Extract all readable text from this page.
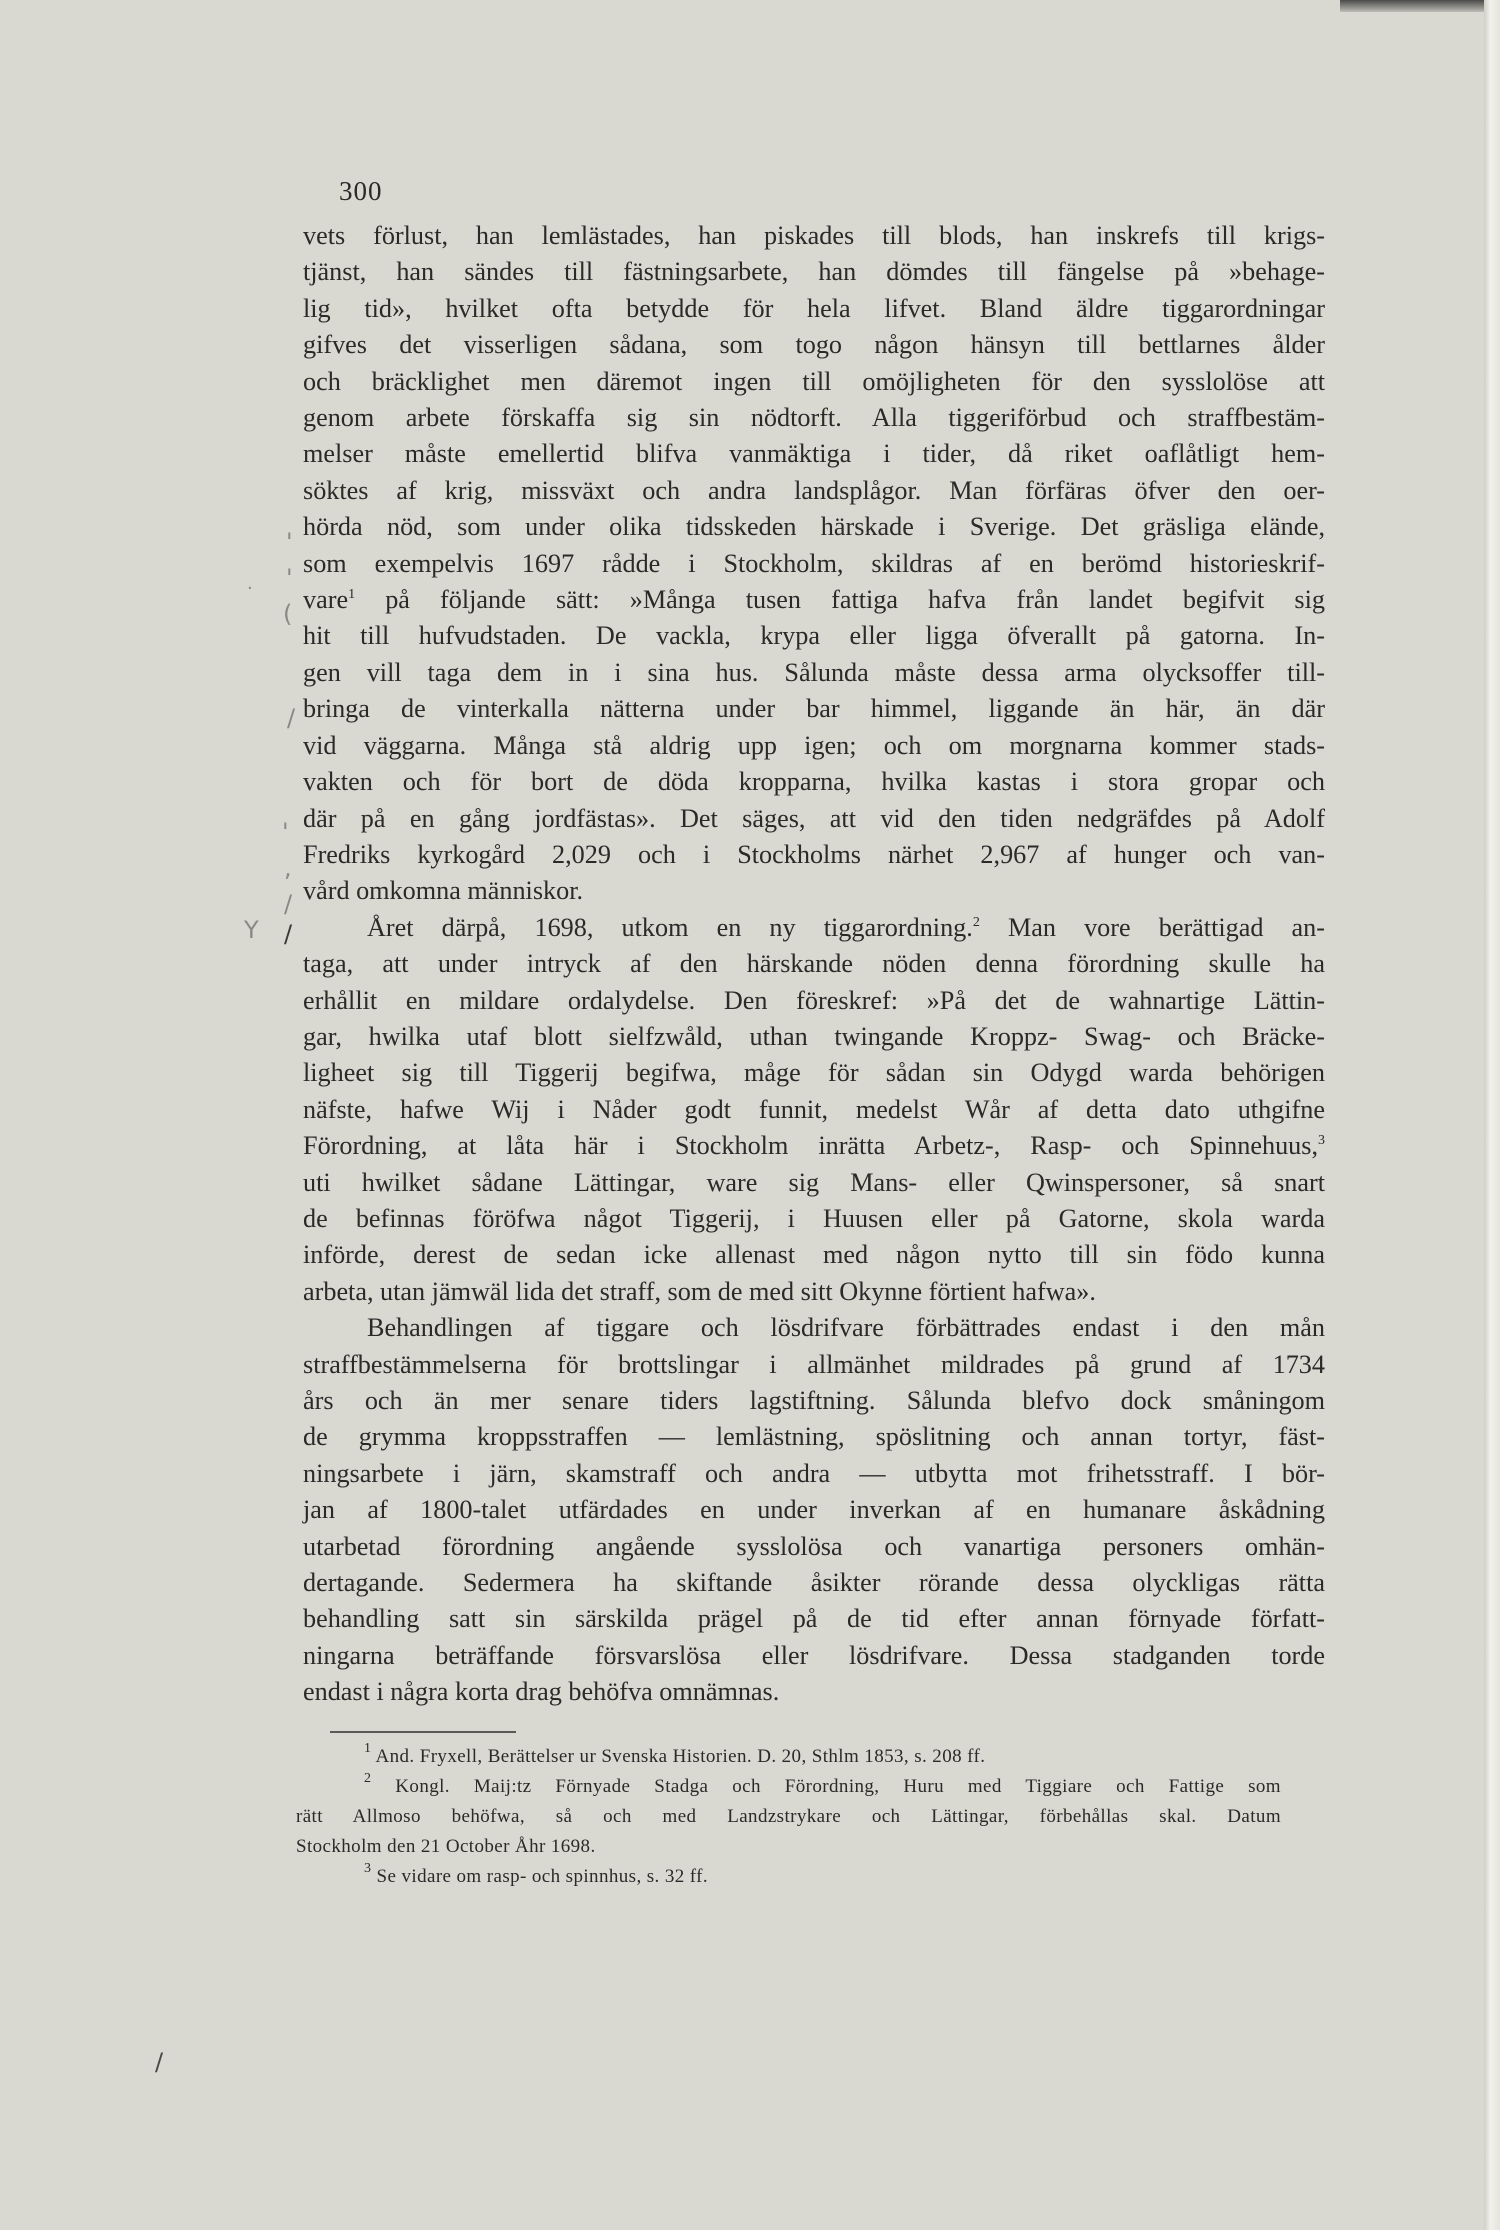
300
vets förlust, han lemlästades, han piskades till blods, han inskrefs till krigs-
tjänst, han sändes till fästningsarbete, han dömdes till fängelse på »behage-
lig tid», hvilket ofta betydde för hela lifvet. Bland äldre tiggarordningar
gifves det visserligen sådana, som togo någon hänsyn till bettlarnes ålder
och bräcklighet men däremot ingen till omöjligheten för den sysslolöse att
genom arbete förskaffa sig sin nödtorft. Alla tiggeriförbud och straffbestäm-
melser måste emellertid blifva vanmäktiga i tider, då riket oaflåtligt hem-
söktes af krig, missväxt och andra landsplågor. Man förfäras öfver den oer-
hörda nöd, som under olika tidsskeden härskade i Sverige. Det gräsliga elände,
som exempelvis 1697 rådde i Stockholm, skildras af en berömd historieskrif-
vare$^1$ på följande sätt: »Många tusen fattiga hafva från landet begifvit sig
hit till hufvudstaden. De vackla, krypa eller ligga öfverallt på gatorna. In-
gen vill taga dem in i sina hus. Sålunda måste dessa arma olycksoffer till-
bringa de vinterkalla nätterna under bar himmel, liggande än här, än där
vid väggarna. Många stå aldrig upp igen; och om morgnarna kommer stads-
vakten och för bort de döda kropparna, hvilka kastas i stora gropar och
där på en gång jordfästas». Det säges, att vid den tiden nedgräfdes på Adolf
Fredriks kyrkogård 2,029 och i Stockholms närhet 2,967 af hunger och van-
vård omkomna människor.
Året därpå, 1698, utkom en ny tiggarordning.$^2$ Man vore berättigad an-
taga, att under intryck af den härskande nöden denna förordning skulle ha
erhållit en mildare ordalydelse. Den föreskref: »På det de wahnartige Lättin-
gar, hwilka utaf blott sielfzwåld, uthan twingande Kroppz- Swag- och Bräcke-
ligheet sig till Tiggerij begifwa, måge för sådan sin Odygd warda behörigen
näfste, hafwe Wij i Nåder godt funnit, medelst Wår af detta dato uthgifne
Förordning, at låta här i Stockholm inrätta Arbetz-, Rasp- och Spinnehuus,$^3$
uti hwilket sådane Lättingar, ware sig Mans- eller Qwinspersoner, så snart
de befinnas föröfwa något Tiggerij, i Huusen eller på Gatorne, skola warda
införde, derest de sedan icke allenast med någon nytto till sin födo kunna
arbeta, utan jämwäl lida det straff, som de med sitt Okynne förtient hafwa».
Behandlingen af tiggare och lösdrifvare förbättrades endast i den mån
straffbestämmelserna för brottslingar i allmänhet mildrades på grund af 1734
års och än mer senare tiders lagstiftning. Sålunda blefvo dock småningom
de grymma kroppsstraffen — lemlästning, spöslitning och annan tortyr, fäst-
ningsarbete i järn, skamstraff och andra — utbytta mot frihetsstraff. I bör-
jan af 1800-talet utfärdades en under inverkan af en humanare åskådning
utarbetad förordning angående sysslolösa och vanartiga personers omhän-
dertagande. Sedermera ha skiftande åsikter rörande dessa olyckligas rätta
behandling satt sin särskilda prägel på de tid efter annan förnyade författ-
ningarna beträffande försvarslösa eller lösdrifvare. Dessa stadganden torde
endast i några korta drag behöfva omnämnas.
$^1$ And. Fryxell, Berättelser ur Svenska Historien. D. 20, Sthlm 1853, s. 208 ff.
$^2$ Kongl. Maij:tz Förnyade Stadga och Förordning, Huru med Tiggiare och Fattige som
rätt Allmoso behöfwa, så och med Landzstrykare och Lättingar, förbehållas skal. Datum
Stockholm den 21 October Åhr 1698.
$^3$ Se vidare om rasp- och spinnhus, s. 32 ff.
'
'
.
(
/
'
,
/
Y /
/
